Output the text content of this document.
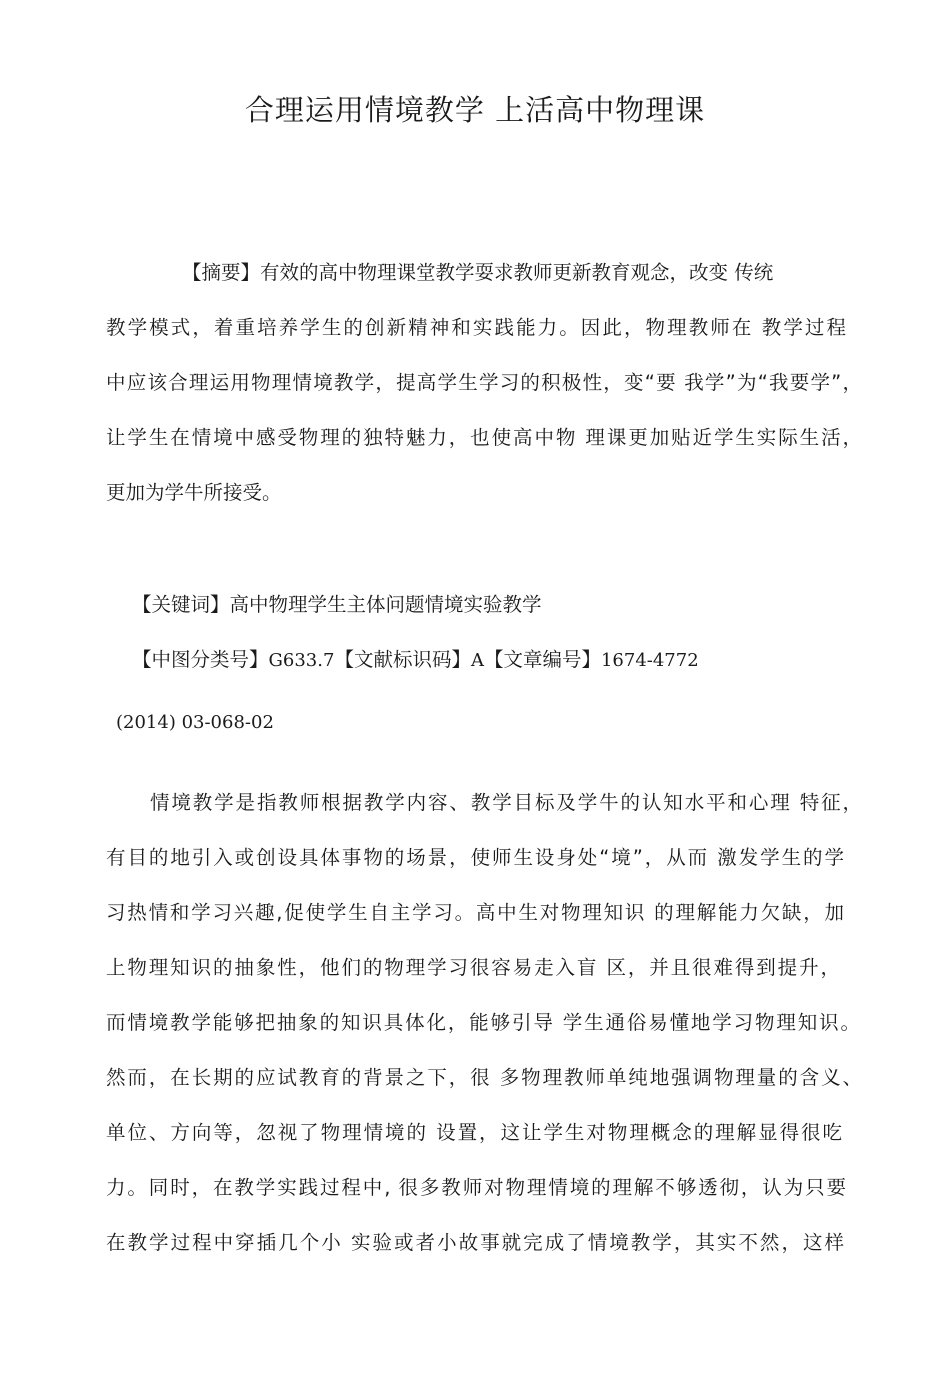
合理运用情境教学 上活高中物理课
【摘要】有效的高中物理课堂教学耍求教师更新教育观念，改变 传统
教学模式，着重培养学生的创新精神和实践能力。因此，物理教师在 教学过程
中应该合理运用物理情境教学，提高学生学习的积极性，变“要 我学”为“我要学”，
让学生在情境中感受物理的独特魅力，也使高中物 理课更加贴近学生实际生活，
更加为学牛所接受。
【关键词】高中物理学生主体问题情境实验教学
【中图分类号】G633.7【文献标识码】A【文章编号】1674-4772
(2014) 03-068-02
情境教学是指教师根据教学内容、教学目标及学牛的认知水平和心理 特征，
有目的地引入或创设具体事物的场景，使师生设身处“境”，从而 激发学生的学
习热情和学习兴趣,促使学生自主学习。高中生对物理知识 的理解能力欠缺，加
上物理知识的抽象性，他们的物理学习很容易走入盲 区，并且很难得到提升，
而情境教学能够把抽象的知识具体化，能够引导 学生通俗易懂地学习物理知识。
然而，在长期的应试教育的背景之下，很 多物理教师单纯地强调物理量的含义、
单位、方向等，忽视了物理情境的 设置，这让学生对物理概念的理解显得很吃
力。同时，在教学实践过程中, 很多教师对物理情境的理解不够透彻，认为只要
在教学过程中穿插几个小 实验或者小故事就完成了情境教学，其实不然，这样
